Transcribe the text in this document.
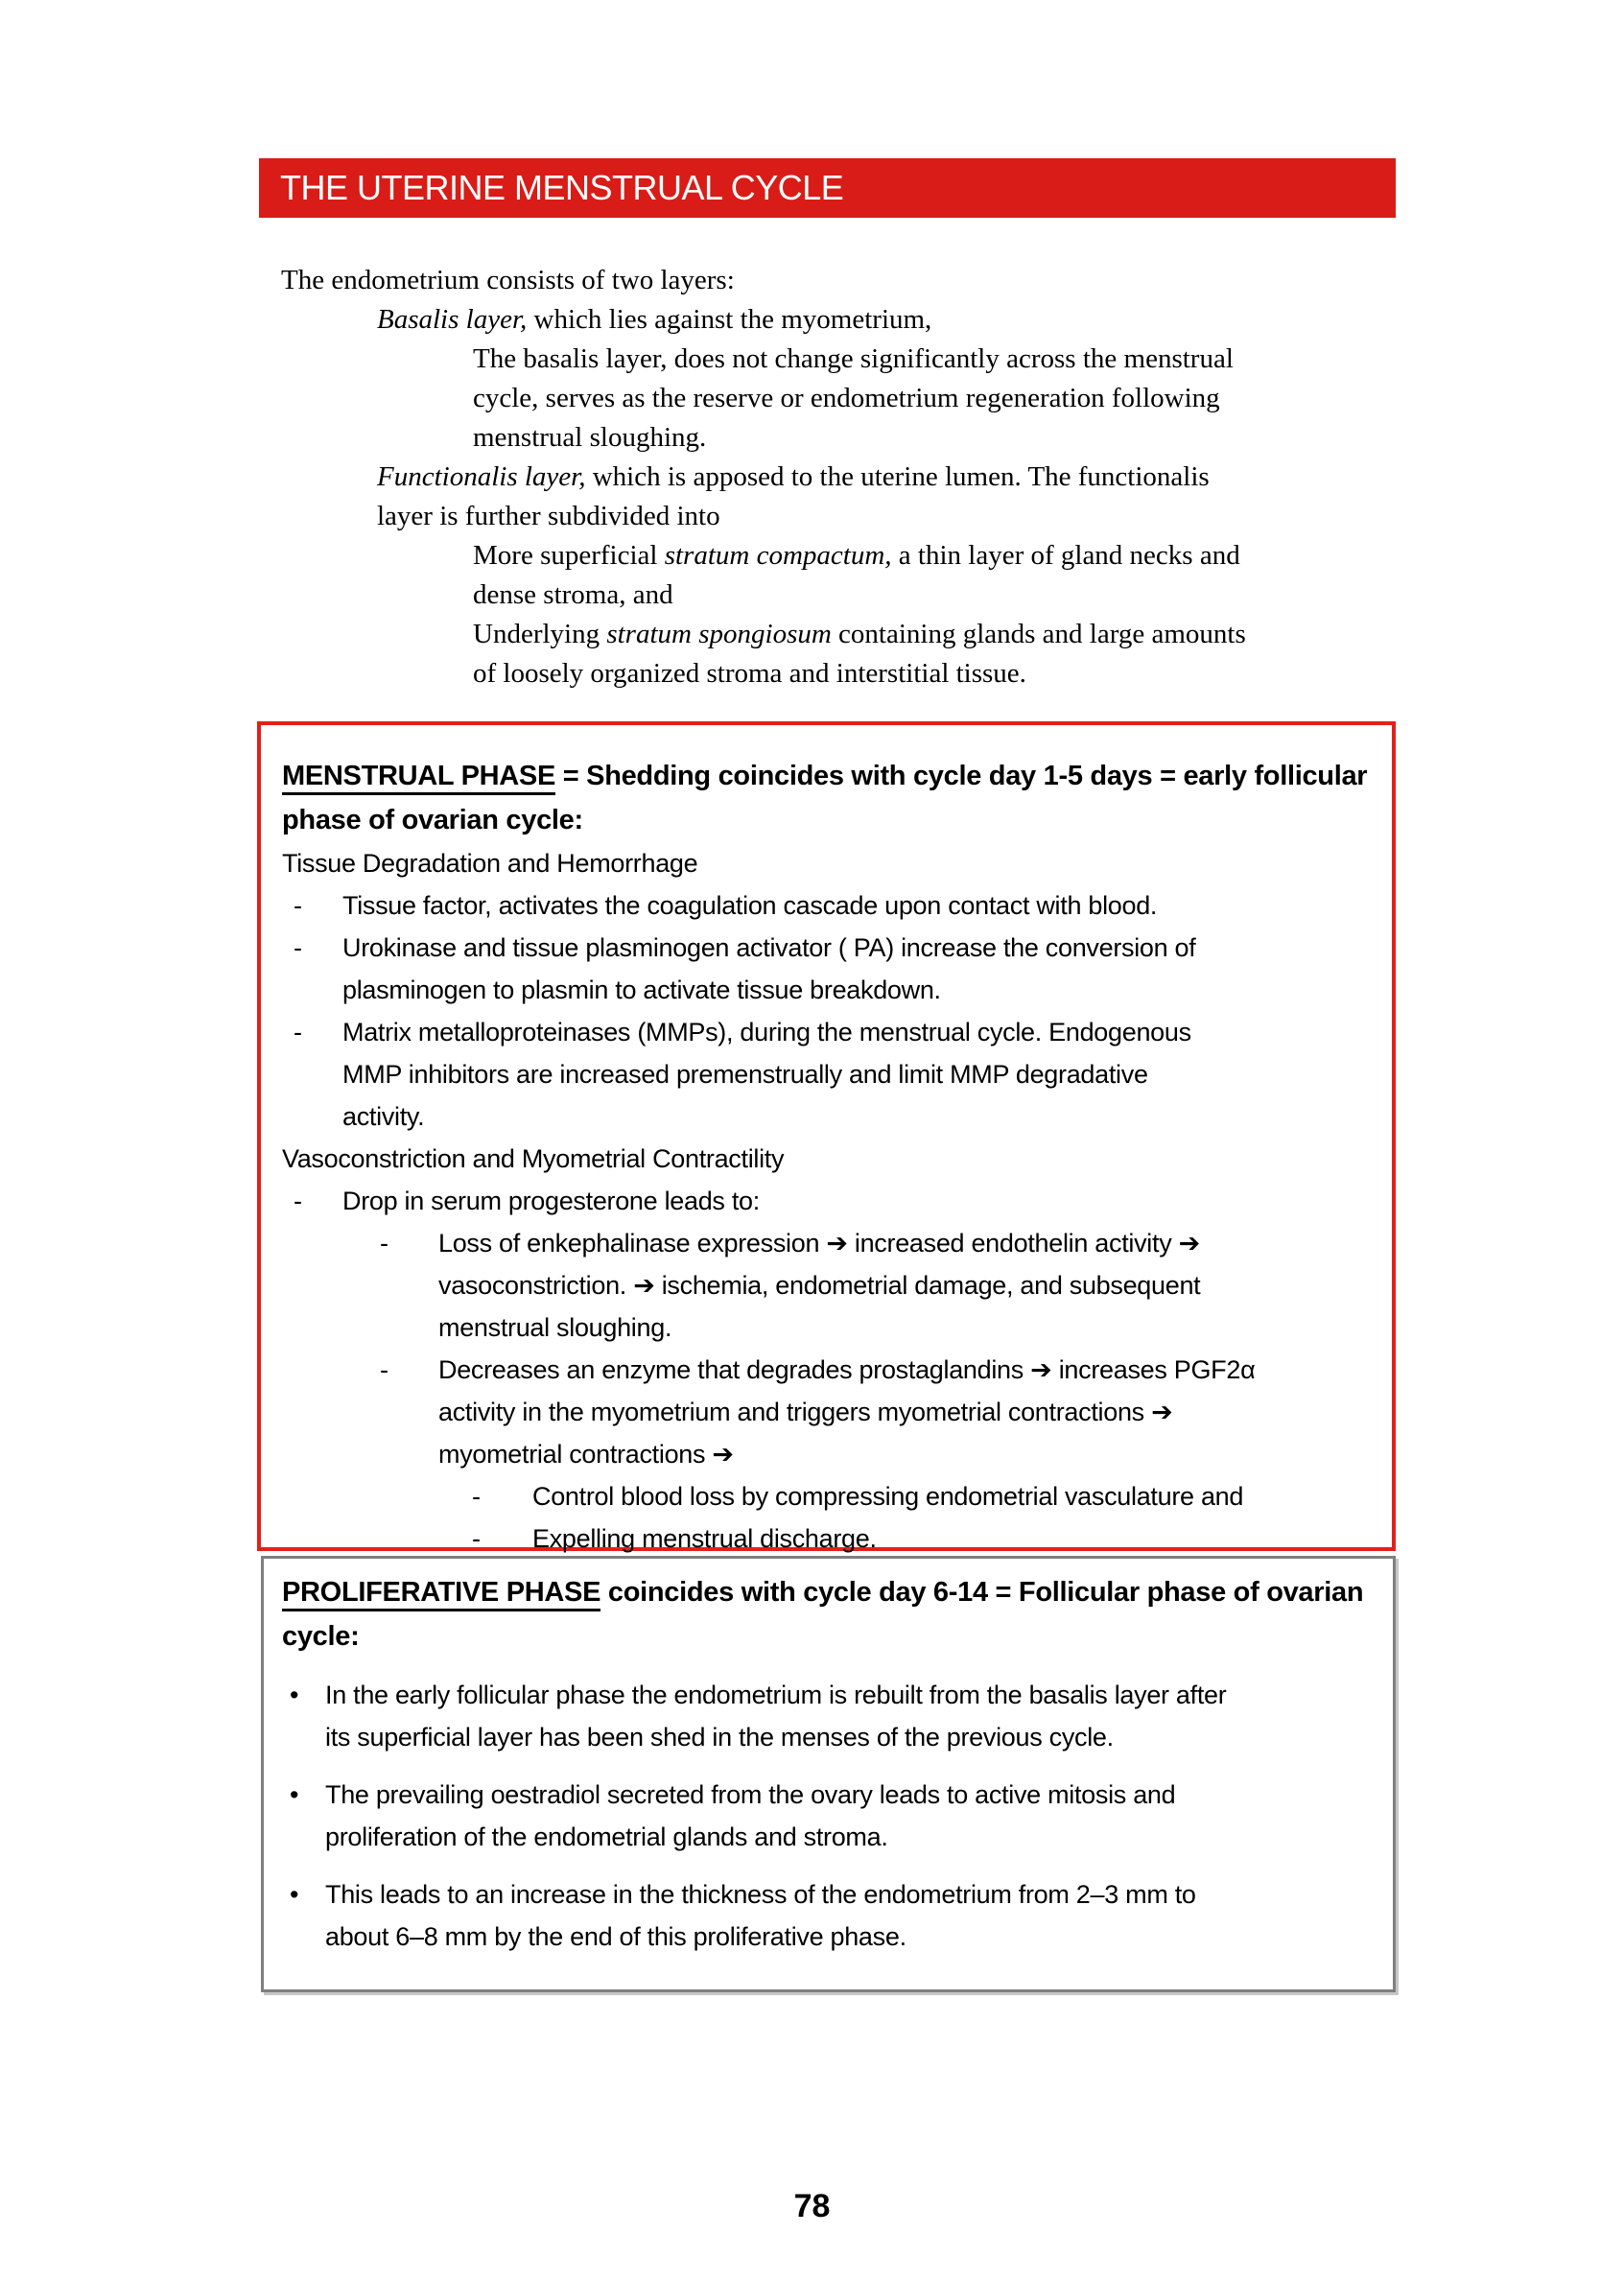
THE UTERINE MENSTRUAL CYCLE
The endometrium consists of two layers:
Basalis layer, which lies against the myometrium,
The basalis layer, does not change significantly across the menstrual
cycle, serves as the reserve or endometrium regeneration following
menstrual sloughing.
Functionalis layer, which is apposed to the uterine lumen. The functionalis
layer is further subdivided into
More superficial stratum compactum, a thin layer of gland necks and
dense stroma, and
Underlying stratum spongiosum containing glands and large amounts
of loosely organized stroma and interstitial tissue.
MENSTRUAL PHASE = Shedding coincides with cycle day 1-5 days = early follicular
phase of ovarian cycle:
Tissue Degradation and Hemorrhage
-	Tissue factor, activates the coagulation cascade upon contact with blood.
-	Urokinase and tissue plasminogen activator ( PA) increase the conversion of
plasminogen to plasmin to activate tissue breakdown.
-	Matrix metalloproteinases (MMPs), during the menstrual cycle. Endogenous
MMP inhibitors are increased premenstrually and limit MMP degradative
activity.
Vasoconstriction and Myometrial Contractility
-	Drop in serum progesterone leads to:
-	Loss of enkephalinase expression ➔ increased endothelin activity ➔
vasoconstriction. ➔ ischemia, endometrial damage, and subsequent
menstrual sloughing.
-	Decreases an enzyme that degrades prostaglandins ➔ increases PGF2α
activity in the myometrium and triggers myometrial contractions ➔
myometrial contractions ➔
-	Control blood loss by compressing endometrial vasculature and
-	Expelling menstrual discharge.
PROLIFERATIVE PHASE coincides with cycle day 6-14 = Follicular phase of ovarian
cycle:
•	In the early follicular phase the endometrium is rebuilt from the basalis layer after
its superficial layer has been shed in the menses of the previous cycle.
•	The prevailing oestradiol secreted from the ovary leads to active mitosis and
proliferation of the endometrial glands and stroma.
•	This leads to an increase in the thickness of the endometrium from 2–3 mm to
about 6–8 mm by the end of this proliferative phase.
78
